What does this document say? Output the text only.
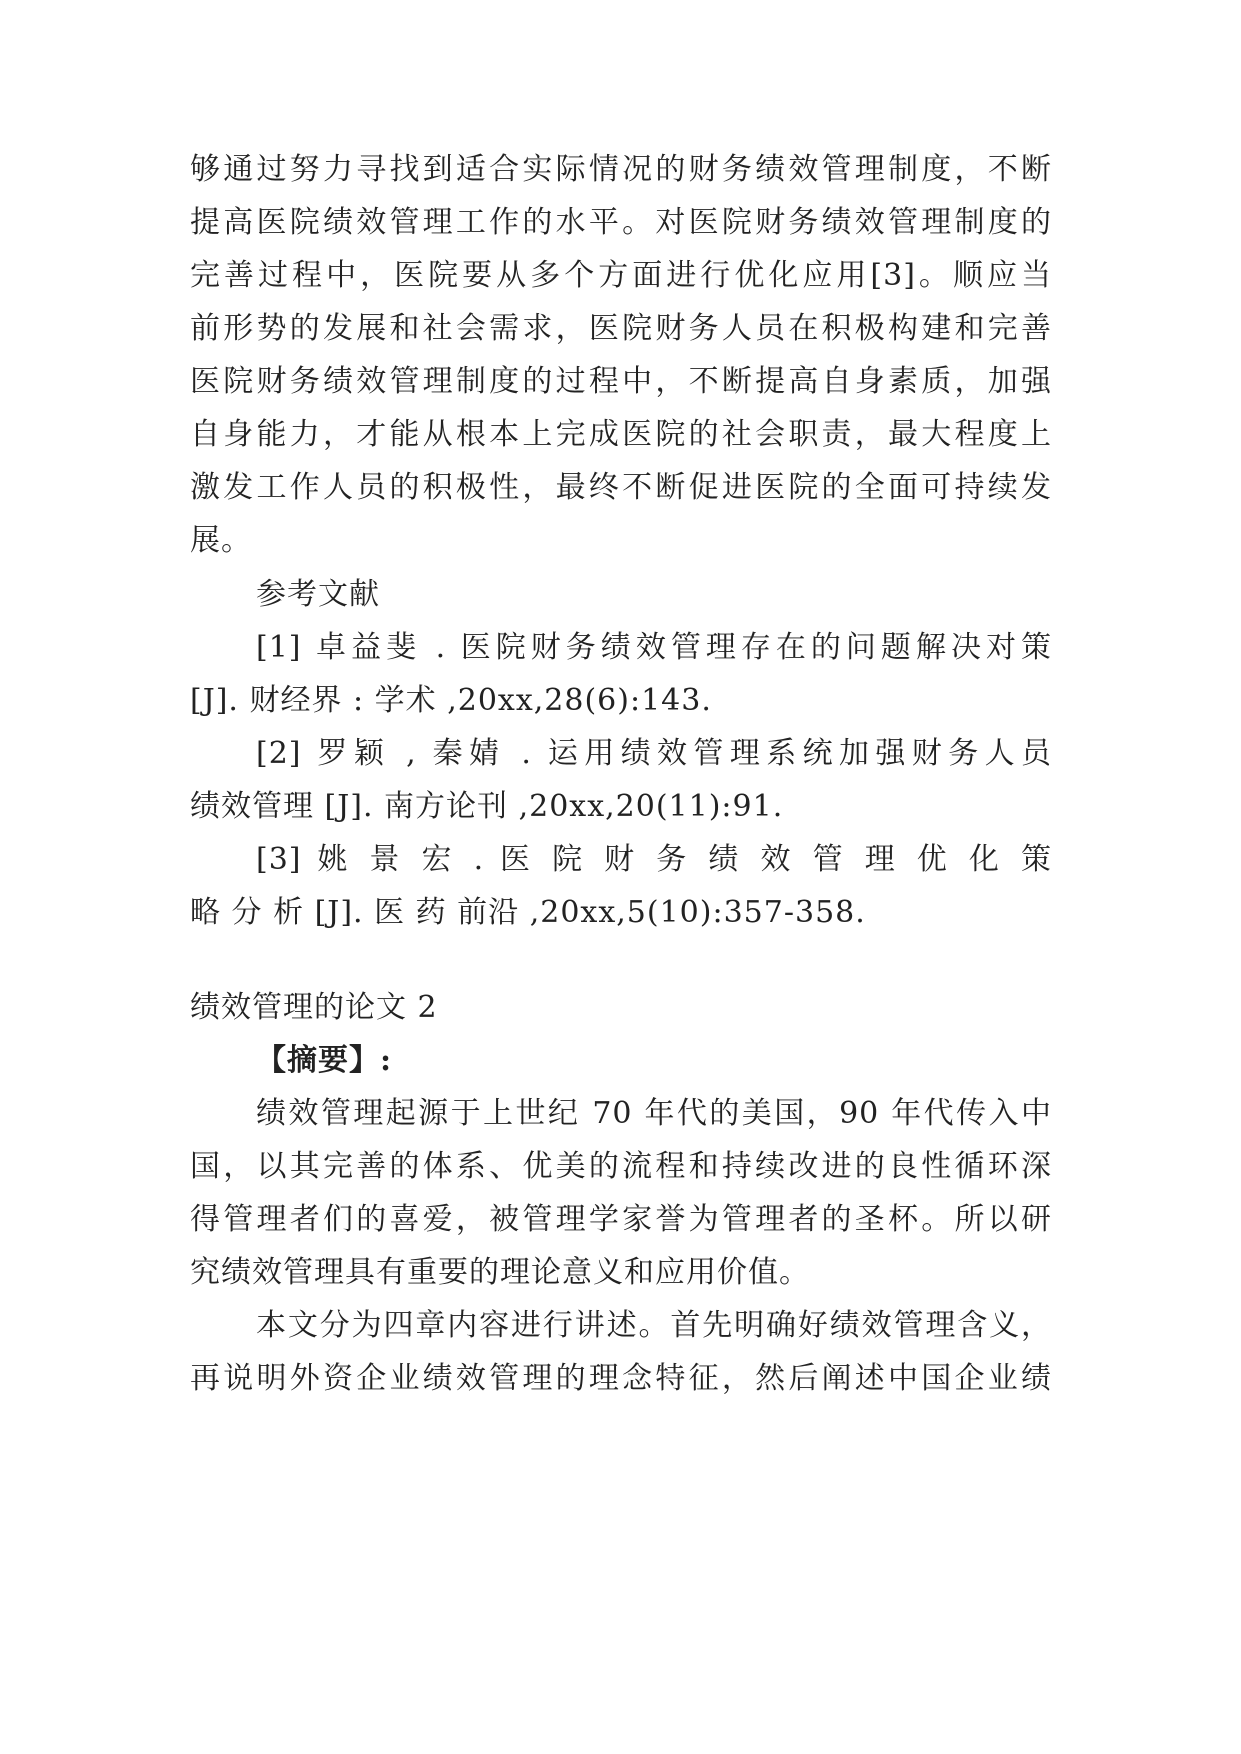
够通过努力寻找到适合实际情况的财务绩效管理制度，不断
提高医院绩效管理工作的水平。对医院财务绩效管理制度的
完善过程中，医院要从多个方面进行优化应用[3]。顺应当
前形势的发展和社会需求，医院财务人员在积极构建和完善
医院财务绩效管理制度的过程中，不断提高自身素质，加强
自身能力，才能从根本上完成医院的社会职责，最大程度上
激发工作人员的积极性，最终不断促进医院的全面可持续发
展。
参考文献
[1] 卓益斐 . 医院财务绩效管理存在的问题解决对策
[J]. 财经界 : 学术 ,20xx,28(6):143.
[2] 罗颖 , 秦婧 . 运用绩效管理系统加强财务人员
绩效管理 [J]. 南方论刊 ,20xx,20(11):91.
[3] 姚 景 宏 . 医 院 财 务 绩 效 管 理 优 化 策
略 分 析 [J]. 医 药 前沿 ,20xx,5(10):357-358.
绩效管理的论文 2
【摘要】:
绩效管理起源于上世纪 70 年代的美国，90 年代传入中
国，以其完善的体系、优美的流程和持续改进的良性循环深
得管理者们的喜爱，被管理学家誉为管理者的圣杯。所以研
究绩效管理具有重要的理论意义和应用价值。
本文分为四章内容进行讲述。首先明确好绩效管理含义，
再说明外资企业绩效管理的理念特征，然后阐述中国企业绩
